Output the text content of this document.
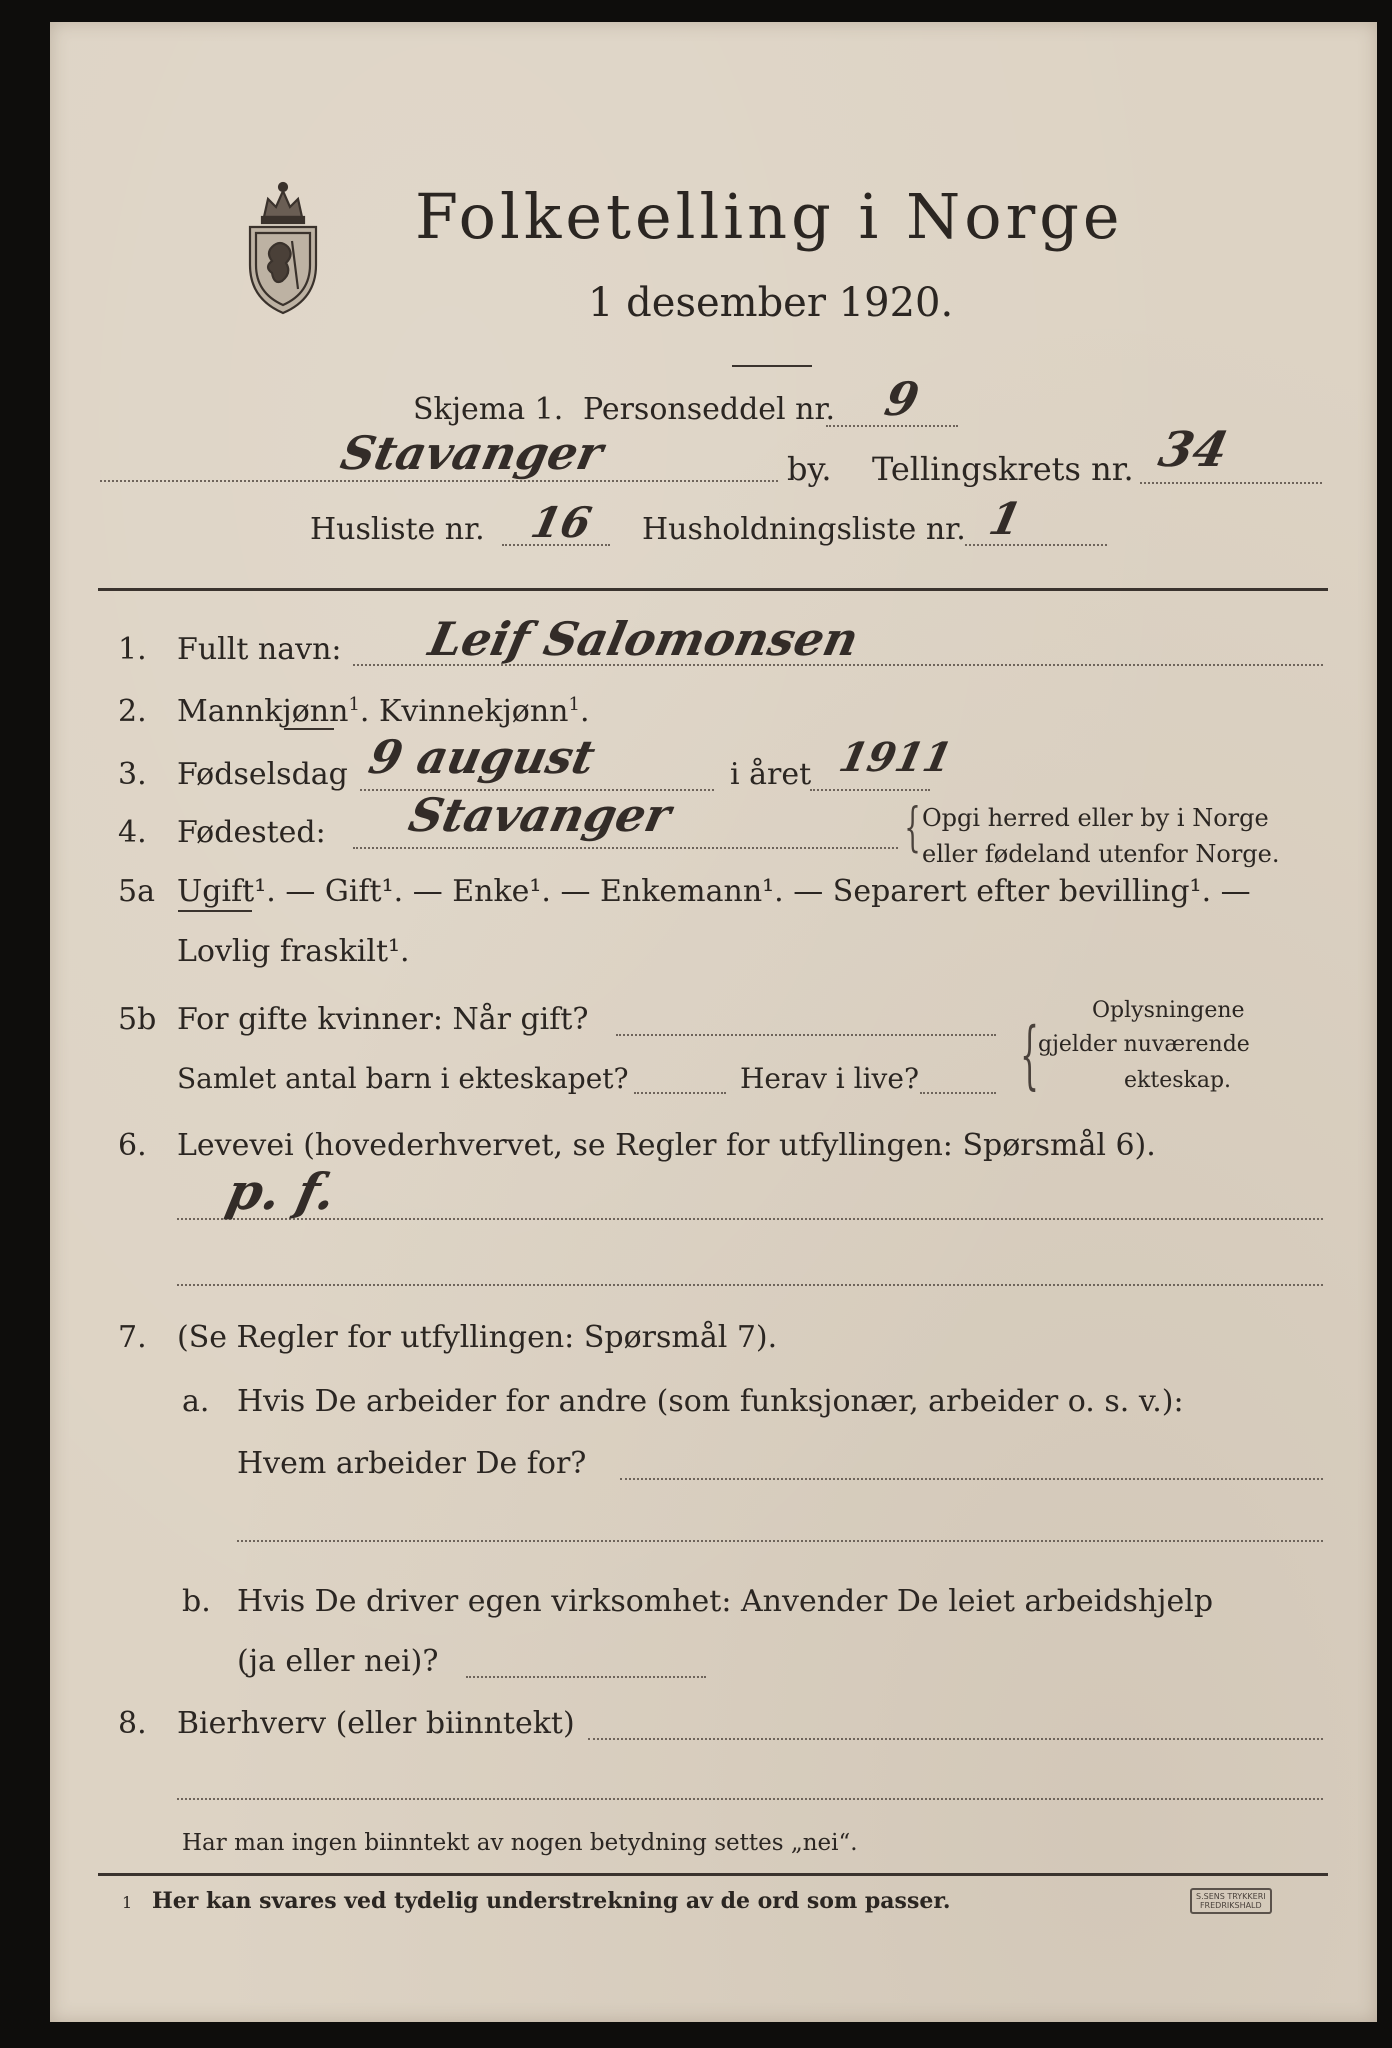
Folketelling i Norge
1 desember 1920.
Skjema 1. Personseddel nr. 9
Stavanger	by. Tellingskrets nr. 34
Husliste nr. 16 Husholdningsliste nr. 1
1. Fullt navn: Leif Salomonsen
2. Mannkjønn$^1$. Kvinnekjønn$^1$.
3. Fødselsdag 9 august	i året 1911
4. Fødested: Stavanger	{ Opgi herred eller by i Norge
eller fødeland utenfor Norge.
5a Ugift¹. — Gift¹. — Enke¹. — Enkemann¹. — Separert efter bevilling¹. —
Lovlig fraskilt¹.
5b For gifte kvinner: Når gift?
Samlet antal barn i ekteskapet?	Herav i live? {
Oplysningene
gjelder nuværende
ekteskap.
6. Levevei (hovederhvervet, se Regler for utfyllingen: Spørsmål 6).
p. f.
7. (Se Regler for utfyllingen: Spørsmål 7).
a. Hvis De arbeider for andre (som funksjonær, arbeider o. s. v.):
Hvem arbeider De for?
b. Hvis De driver egen virksomhet: Anvender De leiet arbeidshjelp
(ja eller nei)?
8. Bierhverv (eller biinntekt)
Har man ingen biinntekt av nogen betydning settes „nei“.
1 Her kan svares ved tydelig understrekning av de ord som passer.	S.SENS TRYKKERI
FREDRIKSHALD
